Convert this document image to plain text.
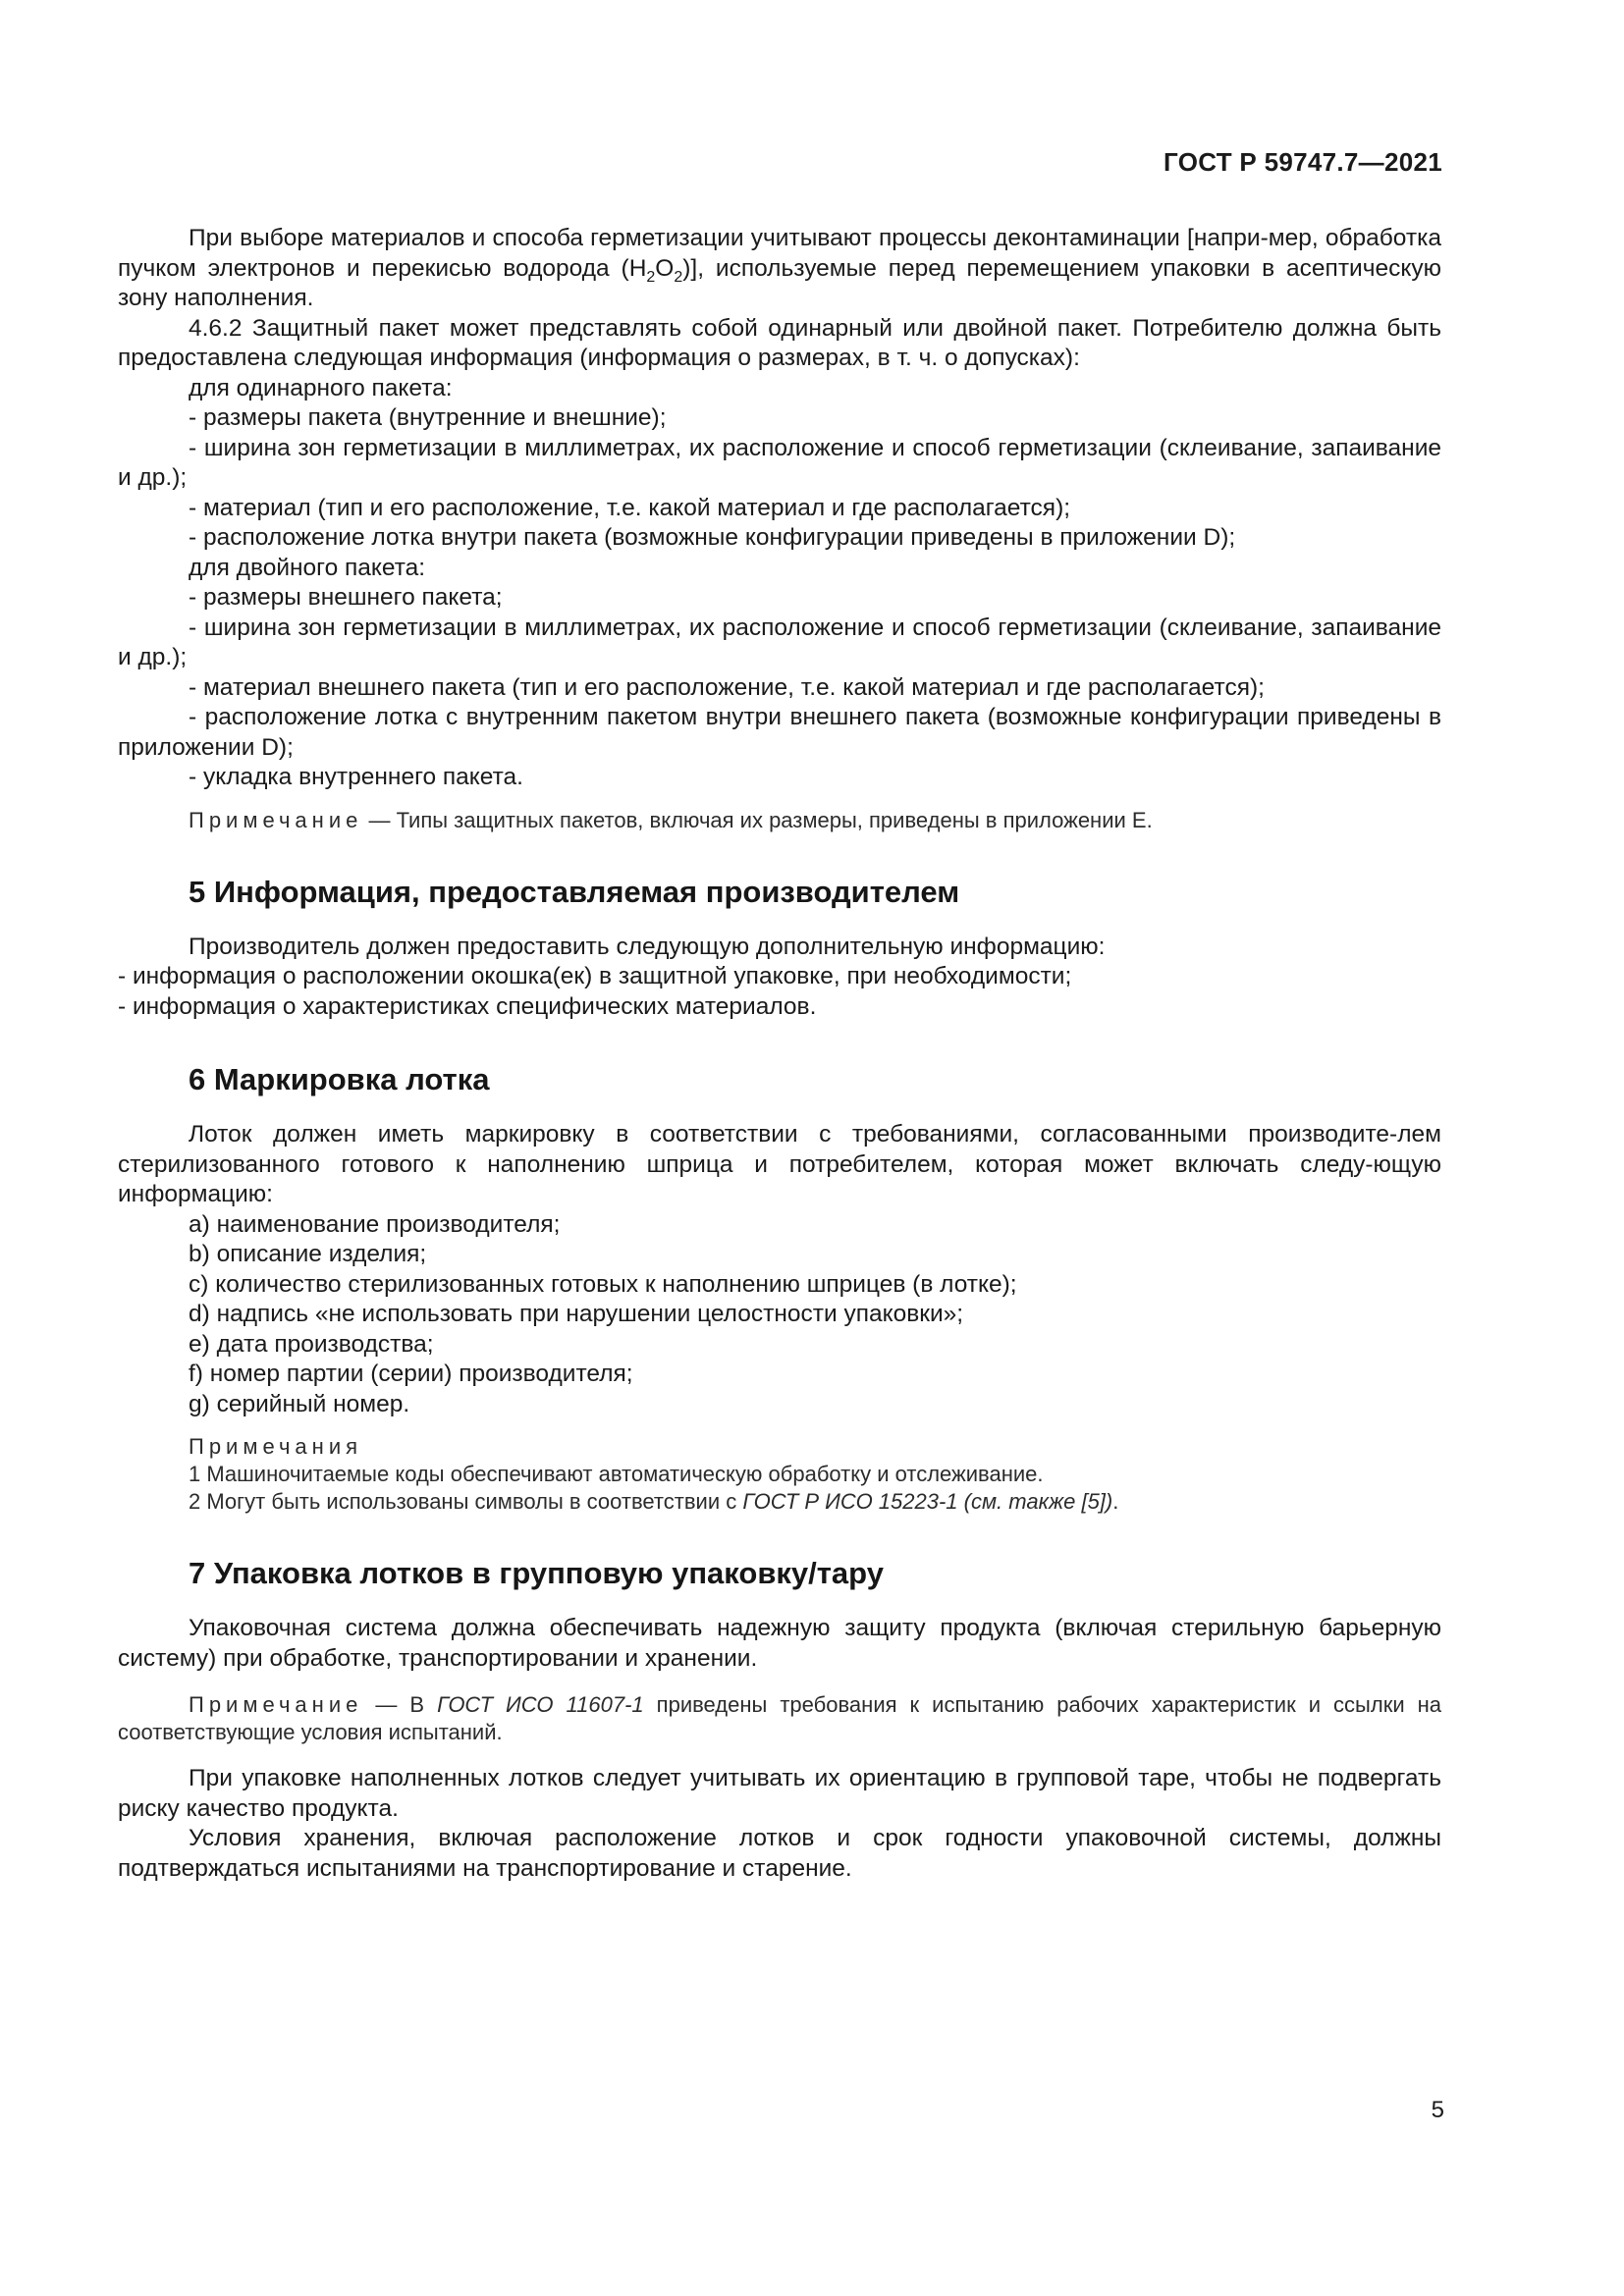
ГОСТ Р 59747.7—2021

При выборе материалов и способа герметизации учитывают процессы деконтаминации [напри-мер, обработка пучком электронов и перекисью водорода $(H_2O_2)$], используемые перед перемещением упаковки в асептическую зону наполнения.

4.6.2 Защитный пакет может представлять собой одинарный или двойной пакет. Потребителю должна быть предоставлена следующая информация (информация о размерах, в т. ч. о допусках):

для одинарного пакета:

- размеры пакета (внутренние и внешние);

- ширина зон герметизации в миллиметрах, их расположение и способ герметизации (склеивание, запаивание и др.);

- материал (тип и его расположение, т.е. какой материал и где располагается);

- расположение лотка внутри пакета (возможные конфигурации приведены в приложении D);

для двойного пакета:

- размеры внешнего пакета;

- ширина зон герметизации в миллиметрах, их расположение и способ герметизации (склеивание, запаивание и др.);

- материал внешнего пакета (тип и его расположение, т.е. какой материал и где располагается);

- расположение лотка с внутренним пакетом внутри внешнего пакета (возможные конфигурации приведены в приложении D);

- укладка внутреннего пакета.

Примечание — Типы защитных пакетов, включая их размеры, приведены в приложении E.

5 Информация, предоставляемая производителем

Производитель должен предоставить следующую дополнительную информацию:

- информация о расположении окошка(ек) в защитной упаковке, при необходимости;

- информация о характеристиках специфических материалов.

6 Маркировка лотка

Лоток должен иметь маркировку в соответствии с требованиями, согласованными производите-лем стерилизованного готового к наполнению шприца и потребителем, которая может включать следу-ющую информацию:

a) наименование производителя;

b) описание изделия;

c) количество стерилизованных готовых к наполнению шприцев (в лотке);

d) надпись «не использовать при нарушении целостности упаковки»;

e) дата производства;

f) номер партии (серии) производителя;

g) серийный номер.

Примечания

1 Машиночитаемые коды обеспечивают автоматическую обработку и отслеживание.

2 Могут быть использованы символы в соответствии с ГОСТ Р ИСО 15223-1 (см. также [5]).

7 Упаковка лотков в групповую упаковку/тару

Упаковочная система должна обеспечивать надежную защиту продукта (включая стерильную барьерную систему) при обработке, транспортировании и хранении.

Примечание — В ГОСТ ИСО 11607-1 приведены требования к испытанию рабочих характеристик и ссылки на соответствующие условия испытаний.

При упаковке наполненных лотков следует учитывать их ориентацию в групповой таре, чтобы не подвергать риску качество продукта.

Условия хранения, включая расположение лотков и срок годности упаковочной системы, должны подтверждаться испытаниями на транспортирование и старение.

5
